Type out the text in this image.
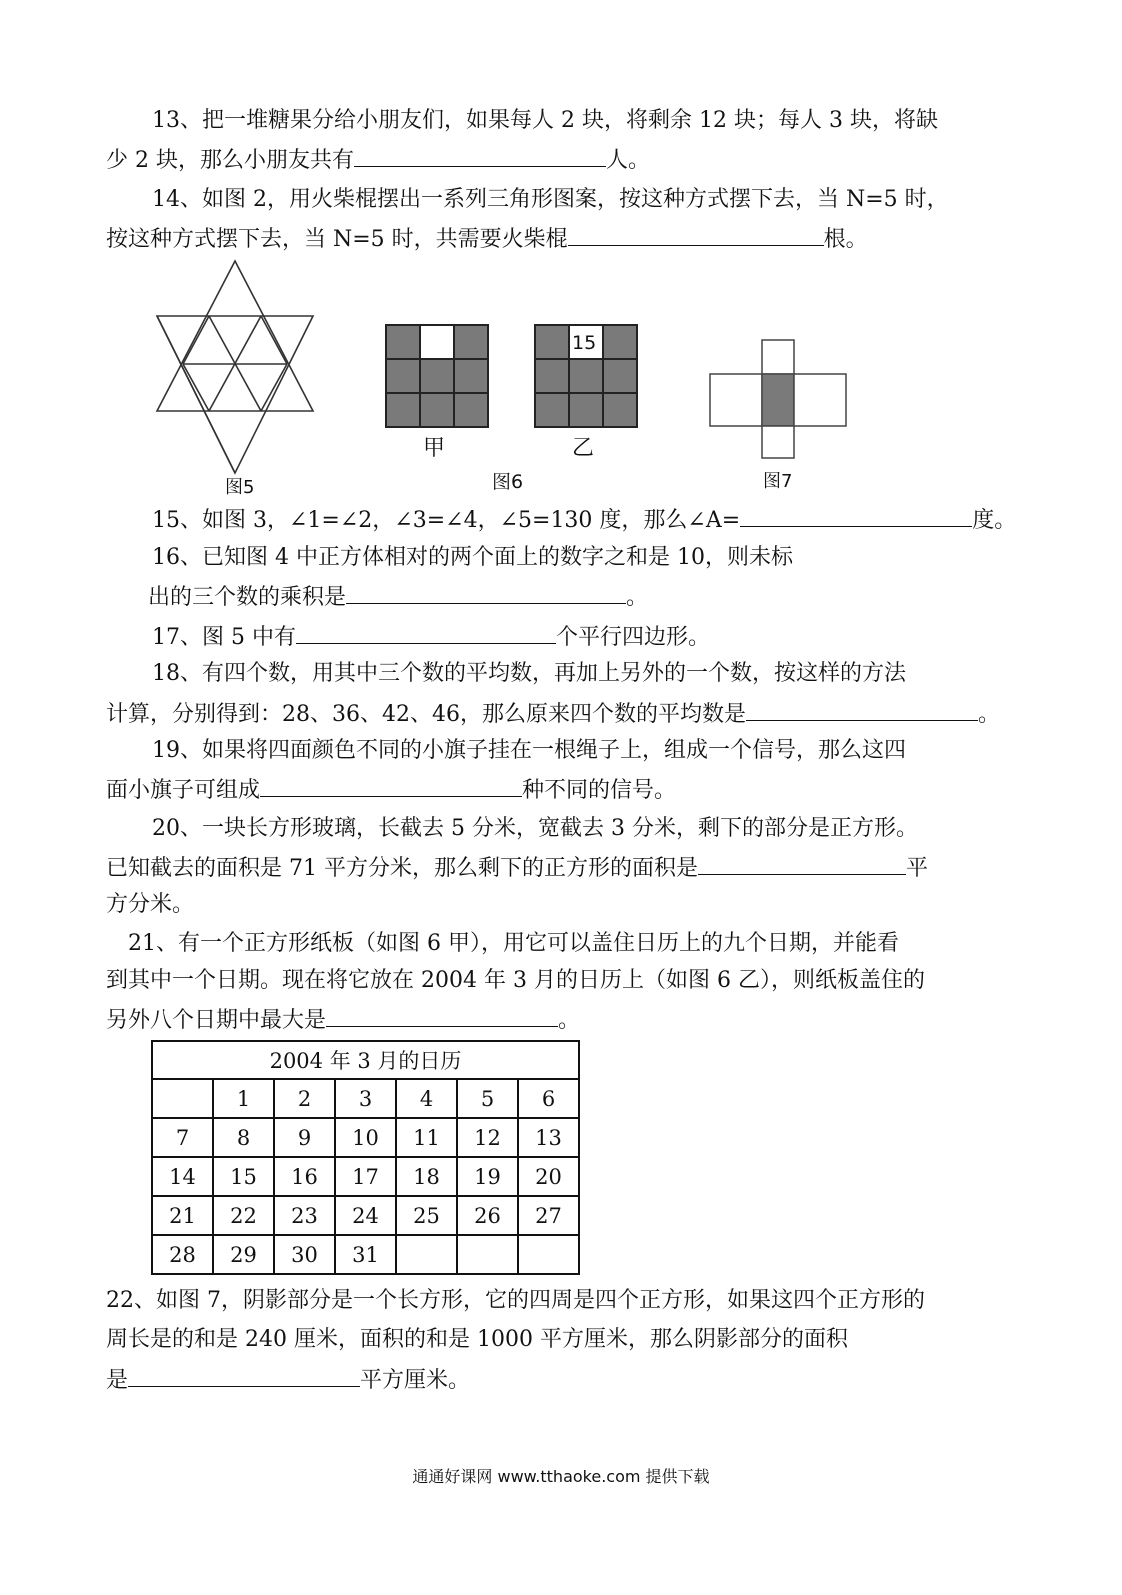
13、把一堆糖果分给小朋友们，如果每人 2 块，将剩余 12 块；每人 3 块，将缺
少 2 块，那么小朋友共有	人。
14、如图 2，用火柴棍摆出一系列三角形图案，按这种方式摆下去，当 N=5 时，
按这种方式摆下去，当 N=5 时，共需要火柴棍	根。
图5
甲
15
乙
图6	图7
15、如图 3，∠1=∠2，∠3=∠4，∠5=130 度，那么∠A=	度。
16、已知图 4 中正方体相对的两个面上的数字之和是 10，则未标
出的三个数的乘积是	。
17、图 5 中有	个平行四边形。
18、有四个数，用其中三个数的平均数，再加上另外的一个数，按这样的方法
计算，分别得到：28、36、42、46，那么原来四个数的平均数是	。
19、如果将四面颜色不同的小旗子挂在一根绳子上，组成一个信号，那么这四
面小旗子可组成	种不同的信号。
20、一块长方形玻璃，长截去 5 分米，宽截去 3 分米，剩下的部分是正方形。
已知截去的面积是 71 平方分米，那么剩下的正方形的面积是	平
方分米。
21、有一个正方形纸板（如图 6 甲），用它可以盖住日历上的九个日期，并能看
到其中一个日期。现在将它放在 2004 年 3 月的日历上（如图 6 乙），则纸板盖住的
另外八个日期中最大是	。
2004 年 3 月的日历						
	1	2	3	4	5	6
7	8	9	10	11	12	13
14	15	16	17	18	19	20
21	22	23	24	25	26	27
28	29	30	31			
22、如图 7，阴影部分是一个长方形，它的四周是四个正方形，如果这四个正方形的
周长是的和是 240 厘米，面积的和是 1000 平方厘米，那么阴影部分的面积
是	平方厘米。
通通好课网 www.tthaoke.com 提供下载
